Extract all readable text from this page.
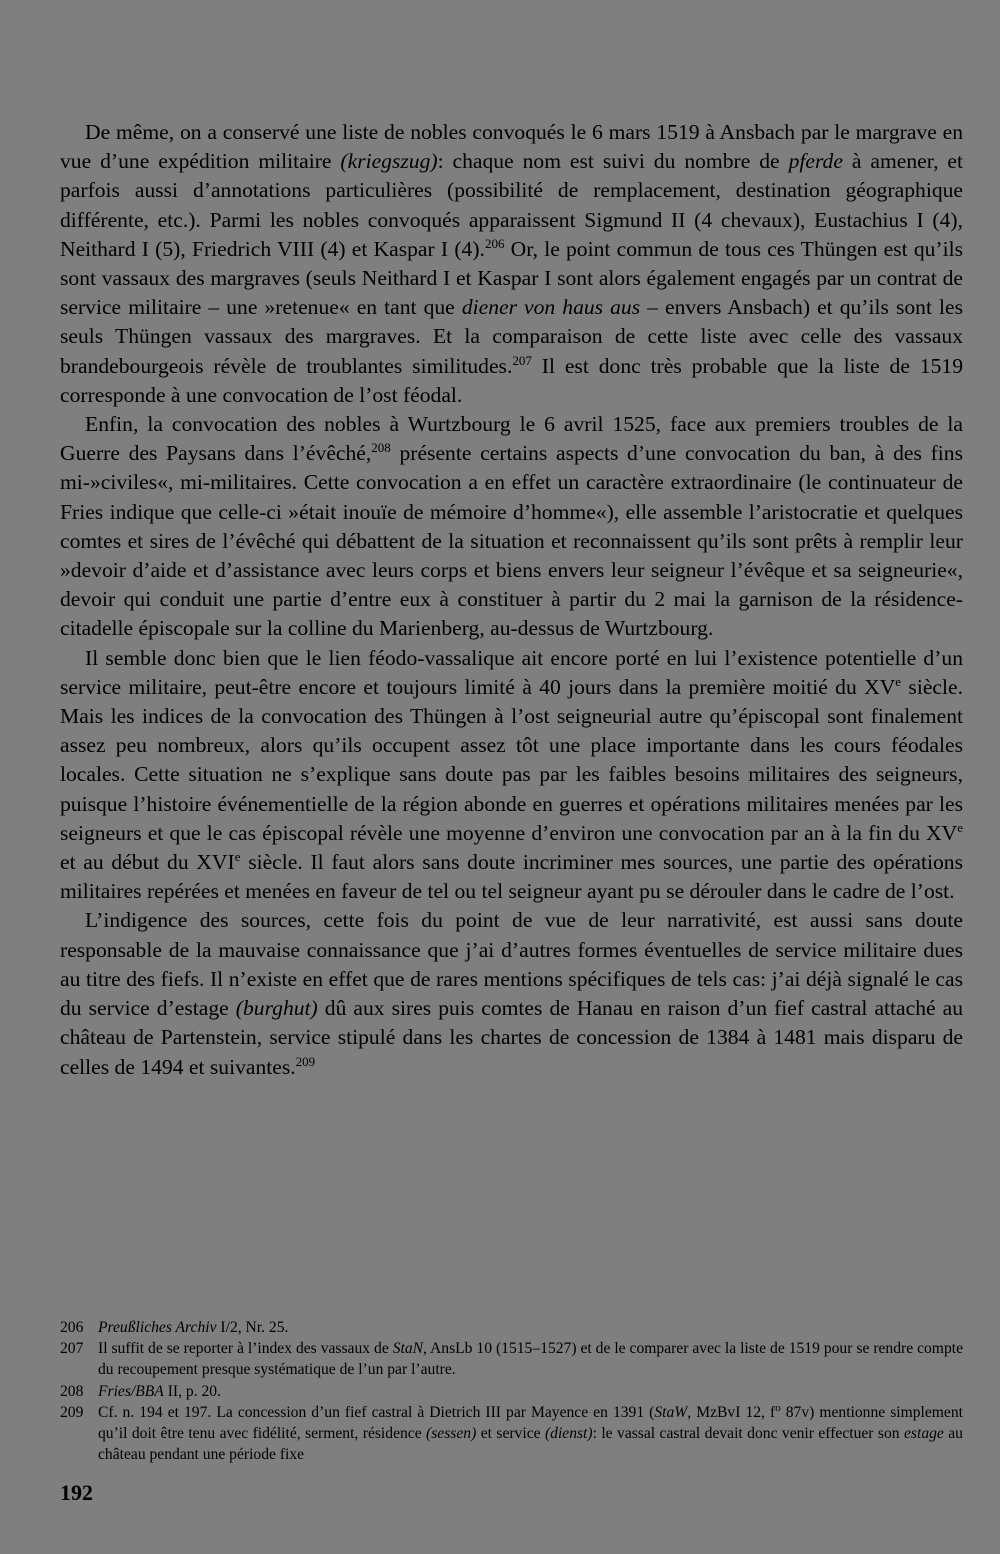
De même, on a conservé une liste de nobles convoqués le 6 mars 1519 à Ansbach par le margrave en vue d’une expédition militaire (kriegszug): chaque nom est suivi du nombre de pferde à amener, et parfois aussi d’annotations particulières (possibilité de remplacement, destination géographique différente, etc.). Parmi les nobles convoqués apparaissent Sigmund II (4 chevaux), Eustachius I (4), Neithard I (5), Friedrich VIII (4) et Kaspar I (4).$^{206}$ Or, le point commun de tous ces Thüngen est qu’ils sont vassaux des margraves (seuls Neithard I et Kaspar I sont alors également engagés par un contrat de service militaire – une »retenue« en tant que diener von haus aus – envers Ansbach) et qu’ils sont les seuls Thüngen vassaux des margraves. Et la comparaison de cette liste avec celle des vassaux brandebourgeois révèle de troublantes similitudes.$^{207}$ Il est donc très probable que la liste de 1519 corresponde à une convocation de l’ost féodal.

Enfin, la convocation des nobles à Wurtzbourg le 6 avril 1525, face aux premiers troubles de la Guerre des Paysans dans l’évêché,$^{208}$ présente certains aspects d’une convocation du ban, à des fins mi-»civiles«, mi-militaires. Cette convocation a en effet un caractère extraordinaire (le continuateur de Fries indique que celle-ci »était inouïe de mémoire d’homme«), elle assemble l’aristocratie et quelques comtes et sires de l’évêché qui débattent de la situation et reconnaissent qu’ils sont prêts à remplir leur »devoir d’aide et d’assistance avec leurs corps et biens envers leur seigneur l’évêque et sa seigneurie«, devoir qui conduit une partie d’entre eux à constituer à partir du 2 mai la garnison de la résidence-citadelle épiscopale sur la colline du Marienberg, au-dessus de Wurtzbourg.

Il semble donc bien que le lien féodo-vassalique ait encore porté en lui l’existence potentielle d’un service militaire, peut-être encore et toujours limité à 40 jours dans la première moitié du XVe siècle. Mais les indices de la convocation des Thüngen à l’ost seigneurial autre qu’épiscopal sont finalement assez peu nombreux, alors qu’ils occupent assez tôt une place importante dans les cours féodales locales. Cette situation ne s’explique sans doute pas par les faibles besoins militaires des seigneurs, puisque l’histoire événementielle de la région abonde en guerres et opérations militaires menées par les seigneurs et que le cas épiscopal révèle une moyenne d’environ une convocation par an à la fin du XVe et au début du XVIe siècle. Il faut alors sans doute incriminer mes sources, une partie des opérations militaires repérées et menées en faveur de tel ou tel seigneur ayant pu se dérouler dans le cadre de l’ost.

L’indigence des sources, cette fois du point de vue de leur narrativité, est aussi sans doute responsable de la mauvaise connaissance que j’ai d’autres formes éventuelles de service militaire dues au titre des fiefs. Il n’existe en effet que de rares mentions spécifiques de tels cas: j’ai déjà signalé le cas du service d’estage (burghut) dû aux sires puis comtes de Hanau en raison d’un fief castral attaché au château de Partenstein, service stipulé dans les chartes de concession de 1384 à 1481 mais disparu de celles de 1494 et suivantes.$^{209}$

206 Preußliches Archiv I/2, Nr. 25.
207 Il suffit de se reporter à l’index des vassaux de StaN, AnsLb 10 (1515–1527) et de le comparer avec la liste de 1519 pour se rendre compte du recoupement presque systématique de l’un par l’autre.
208 Fries/BBA II, p. 20.
209 Cf. n. 194 et 197. La concession d’un fief castral à Dietrich III par Mayence en 1391 (StaW, MzBvI 12, $f^o$ 87v) mentionne simplement qu’il doit être tenu avec fidélité, serment, résidence (sessen) et service (dienst): le vassal castral devait donc venir effectuer son estage au château pendant une période fixe
192
